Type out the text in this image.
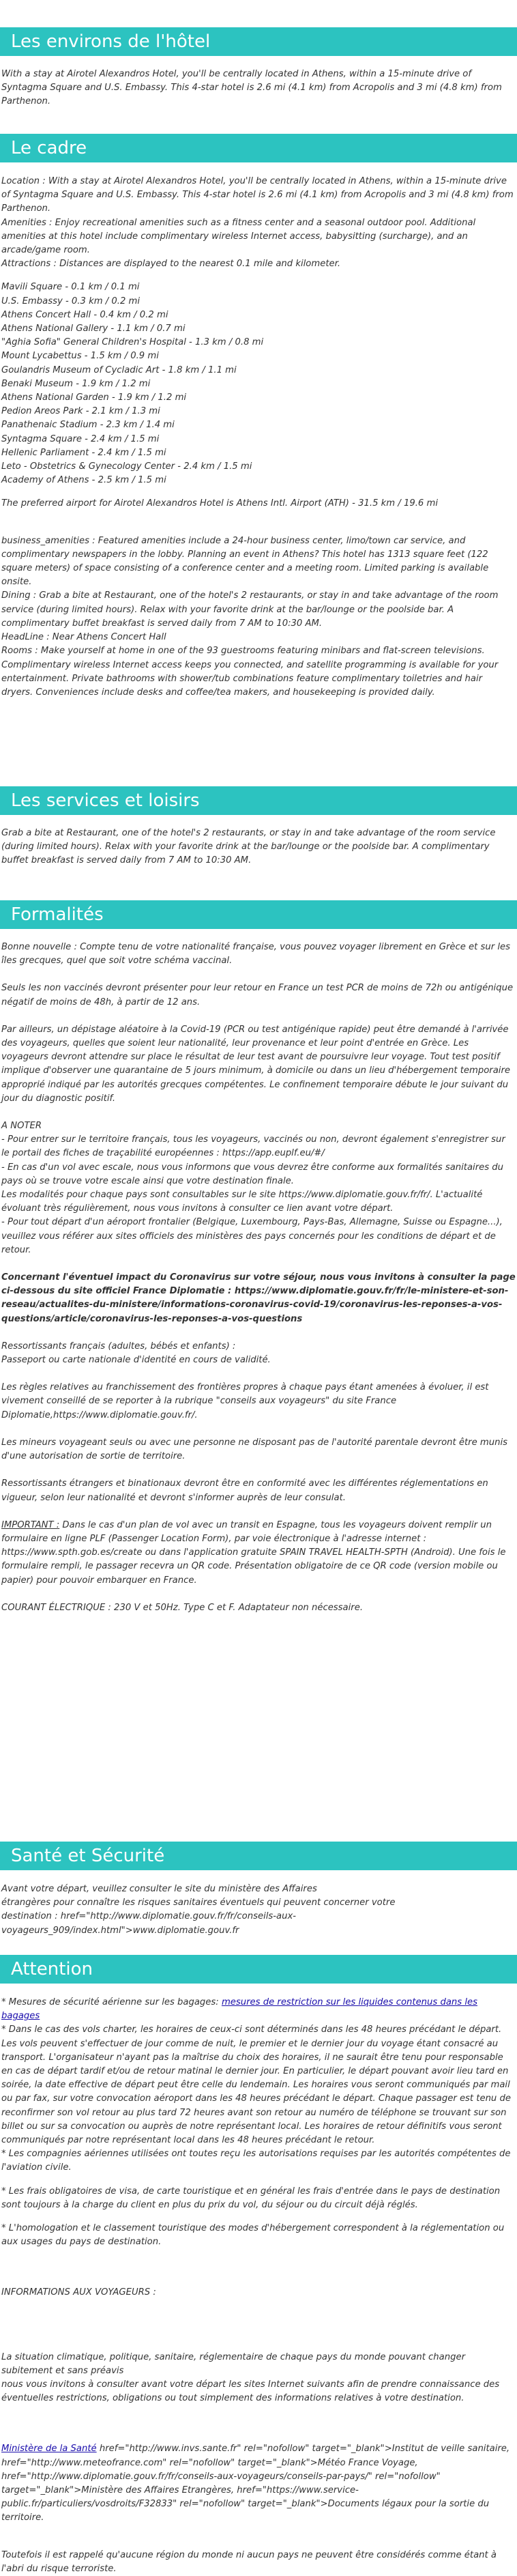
Les environs de l'hôtel

With a stay at Airotel Alexandros Hotel, you'll be centrally located in Athens, within a 15-minute drive of Syntagma Square and U.S. Embassy. This 4-star hotel is 2.6 mi (4.1 km) from Acropolis and 3 mi (4.8 km) from Parthenon.

Le cadre

Location : With a stay at Airotel Alexandros Hotel, you'll be centrally located in Athens, within a 15-minute drive of Syntagma Square and U.S. Embassy. This 4-star hotel is 2.6 mi (4.1 km) from Acropolis and 3 mi (4.8 km) from Parthenon.

Amenities : Enjoy recreational amenities such as a fitness center and a seasonal outdoor pool. Additional amenities at this hotel include complimentary wireless Internet access, babysitting (surcharge), and an arcade/game room.

Attractions : Distances are displayed to the nearest 0.1 mile and kilometer.

Mavili Square - 0.1 km / 0.1 mi

U.S. Embassy - 0.3 km / 0.2 mi

Athens Concert Hall - 0.4 km / 0.2 mi

Athens National Gallery - 1.1 km / 0.7 mi

"Aghia Sofia" General Children's Hospital - 1.3 km / 0.8 mi

Mount Lycabettus - 1.5 km / 0.9 mi

Goulandris Museum of Cycladic Art - 1.8 km / 1.1 mi

Benaki Museum - 1.9 km / 1.2 mi

Athens National Garden - 1.9 km / 1.2 mi

Pedion Areos Park - 2.1 km / 1.3 mi

Panathenaic Stadium - 2.3 km / 1.4 mi

Syntagma Square - 2.4 km / 1.5 mi

Hellenic Parliament - 2.4 km / 1.5 mi

Leto - Obstetrics & Gynecology Center - 2.4 km / 1.5 mi

Academy of Athens - 2.5 km / 1.5 mi

The preferred airport for Airotel Alexandros Hotel is Athens Intl. Airport (ATH) - 31.5 km / 19.6 mi

business_amenities : Featured amenities include a 24-hour business center, limo/town car service, and complimentary newspapers in the lobby. Planning an event in Athens? This hotel has 1313 square feet (122 square meters) of space consisting of a conference center and a meeting room. Limited parking is available onsite.

Dining : Grab a bite at Restaurant, one of the hotel's 2 restaurants, or stay in and take advantage of the room service (during limited hours). Relax with your favorite drink at the bar/lounge or the poolside bar. A complimentary buffet breakfast is served daily from 7 AM to 10:30 AM.

HeadLine : Near Athens Concert Hall

Rooms : Make yourself at home in one of the 93 guestrooms featuring minibars and flat-screen televisions. Complimentary wireless Internet access keeps you connected, and satellite programming is available for your entertainment. Private bathrooms with shower/tub combinations feature complimentary toiletries and hair dryers. Conveniences include desks and coffee/tea makers, and housekeeping is provided daily.

Les services et loisirs

Grab a bite at Restaurant, one of the hotel's 2 restaurants, or stay in and take advantage of the room service (during limited hours). Relax with your favorite drink at the bar/lounge or the poolside bar. A complimentary buffet breakfast is served daily from 7 AM to 10:30 AM.

Formalités

Bonne nouvelle : Compte tenu de votre nationalité française, vous pouvez voyager librement en Grèce et sur les îles grecques, quel que soit votre schéma vaccinal.

Seuls les non vaccinés devront présenter pour leur retour en France un test PCR de moins de 72h ou antigénique négatif de moins de 48h, à partir de 12 ans.

Par ailleurs, un dépistage aléatoire à la Covid-19 (PCR ou test antigénique rapide) peut être demandé à l'arrivée des voyageurs, quelles que soient leur nationalité, leur provenance et leur point d'entrée en Grèce. Les voyageurs devront attendre sur place le résultat de leur test avant de poursuivre leur voyage. Tout test positif implique d'observer une quarantaine de 5 jours minimum, à domicile ou dans un lieu d'hébergement temporaire approprié indiqué par les autorités grecques compétentes. Le confinement temporaire débute le jour suivant du jour du diagnostic positif.

A NOTER

- Pour entrer sur le territoire français, tous les voyageurs, vaccinés ou non, devront également s'enregistrer sur le portail des fiches de traçabilité européennes : https://app.euplf.eu/#/

- En cas d'un vol avec escale, nous vous informons que vous devrez être conforme aux formalités sanitaires du pays où se trouve votre escale ainsi que votre destination finale.

Les modalités pour chaque pays sont consultables sur le site https://www.diplomatie.gouv.fr/fr/. L'actualité évoluant très régulièrement, nous vous invitons à consulter ce lien avant votre départ.

- Pour tout départ d'un aéroport frontalier (Belgique, Luxembourg, Pays-Bas, Allemagne, Suisse ou Espagne...), veuillez vous référer aux sites officiels des ministères des pays concernés pour les conditions de départ et de retour.

Concernant l'éventuel impact du Coronavirus sur votre séjour, nous vous invitons à consulter la page ci-dessous du site officiel France Diplomatie : https://www.diplomatie.gouv.fr/fr/le-ministere-et-son-reseau/actualites-du-ministere/informations-coronavirus-covid-19/coronavirus-les-reponses-a-vos-questions/article/coronavirus-les-reponses-a-vos-questions

Ressortissants français (adultes, bébés et enfants) :

Passeport ou carte nationale d'identité en cours de validité.

Les règles relatives au franchissement des frontières propres à chaque pays étant amenées à évoluer, il est vivement conseillé de se reporter à la rubrique "conseils aux voyageurs" du site France Diplomatie,https://www.diplomatie.gouv.fr/.

Les mineurs voyageant seuls ou avec une personne ne disposant pas de l'autorité parentale devront être munis d'une autorisation de sortie de territoire.

Ressortissants étrangers et binationaux devront être en conformité avec les différentes réglementations en vigueur, selon leur nationalité et devront s'informer auprès de leur consulat.

IMPORTANT : Dans le cas d'un plan de vol avec un transit en Espagne, tous les voyageurs doivent remplir un formulaire en ligne PLF (Passenger Location Form), par voie électronique à l'adresse internet : https://www.spth.gob.es/create ou dans l'application gratuite SPAIN TRAVEL HEALTH-SPTH (Android). Une fois le formulaire rempli, le passager recevra un QR code. Présentation obligatoire de ce QR code (version mobile ou papier) pour pouvoir embarquer en France.

COURANT ÉLECTRIQUE : 230 V et 50Hz. Type C et F. Adaptateur non nécessaire.

Santé et Sécurité

Avant votre départ, veuillez consulter le site du ministère des Affaires

étrangères pour connaître les risques sanitaires éventuels qui peuvent concerner votre

destination : href="http://www.diplomatie.gouv.fr/fr/conseils-aux-voyageurs_909/index.html">www.diplomatie.gouv.fr

Attention

* Mesures de sécurité aérienne sur les bagages: mesures de restriction sur les liquides contenus dans les bagages

* Dans le cas des vols charter, les horaires de ceux-ci sont déterminés dans les 48 heures précédant le départ. Les vols peuvent s'effectuer de jour comme de nuit, le premier et le dernier jour du voyage étant consacré au transport. L'organisateur n'ayant pas la maîtrise du choix des horaires, il ne saurait être tenu pour responsable en cas de départ tardif et/ou de retour matinal le dernier jour. En particulier, le départ pouvant avoir lieu tard en soirée, la date effective de départ peut être celle du lendemain. Les horaires vous seront communiqués par mail ou par fax, sur votre convocation aéroport dans les 48 heures précédant le départ. Chaque passager est tenu de reconfirmer son vol retour au plus tard 72 heures avant son retour au numéro de téléphone se trouvant sur son billet ou sur sa convocation ou auprès de notre représentant local. Les horaires de retour définitifs vous seront communiqués par notre représentant local dans les 48 heures précédant le retour.

* Les compagnies aériennes utilisées ont toutes reçu les autorisations requises par les autorités compétentes de l'aviation civile.

* Les frais obligatoires de visa, de carte touristique et en général les frais d'entrée dans le pays de destination sont toujours à la charge du client en plus du prix du vol, du séjour ou du circuit déjà réglés.

* L'homologation et le classement touristique des modes d'hébergement correspondent à la réglementation ou aux usages du pays de destination.

INFORMATIONS AUX VOYAGEURS :

La situation climatique, politique, sanitaire, réglementaire de chaque pays du monde pouvant changer subitement et sans préavis

nous vous invitons à consulter avant votre départ les sites Internet suivants afin de prendre connaissance des éventuelles restrictions, obligations ou tout simplement des informations relatives à votre destination.

Ministère de la Santé href="http://www.invs.sante.fr" rel="nofollow" target="_blank">Institut de veille sanitaire, href="http://www.meteofrance.com" rel="nofollow" target="_blank">Météo France Voyage, href="http://www.diplomatie.gouv.fr/fr/conseils-aux-voyageurs/conseils-par-pays/" rel="nofollow" target="_blank">Ministère des Affaires Etrangères, href="https://www.service-public.fr/particuliers/vosdroits/F32833" rel="nofollow" target="_blank">Documents légaux pour la sortie du territoire.

Toutefois il est rappelé qu'aucune région du monde ni aucun pays ne peuvent être considérés comme étant à l'abri du risque terroriste.
